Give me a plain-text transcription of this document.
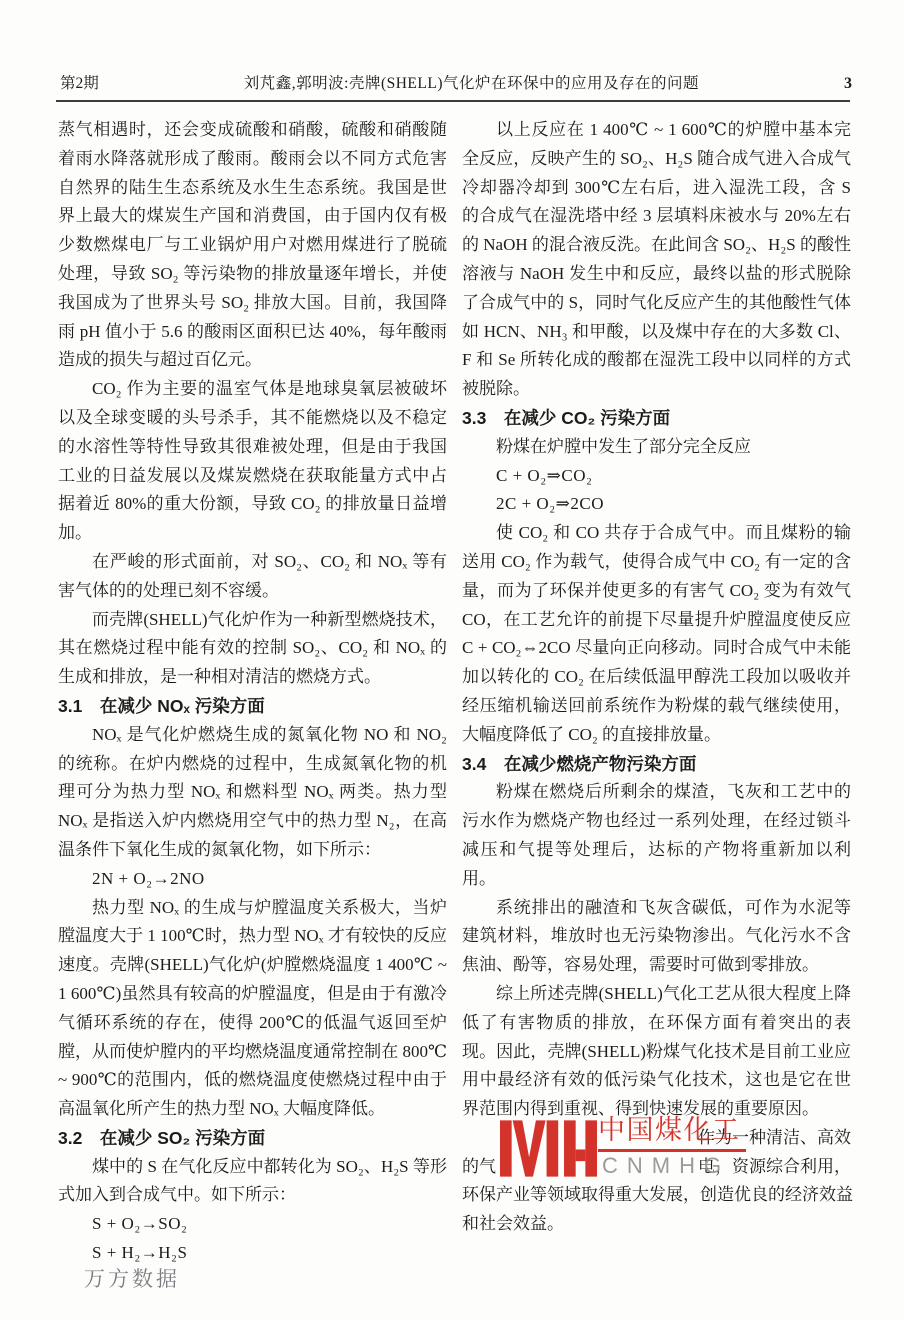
第2期	刘芃鑫,郭明波:壳牌(SHELL)气化炉在环保中的应用及存在的问题	3

蒸气相遇时，还会变成硫酸和硝酸，硫酸和硝酸随着雨水降落就形成了酸雨。酸雨会以不同方式危害自然界的陆生生态系统及水生生态系统。我国是世界上最大的煤炭生产国和消费国，由于国内仅有极少数燃煤电厂与工业锅炉用户对燃用煤进行了脱硫处理，导致 SO₂ 等污染物的排放量逐年增长，并使我国成为了世界头号 SO₂ 排放大国。目前，我国降雨 pH 值小于 5.6 的酸雨区面积已达 40%，每年酸雨造成的损失与超过百亿元。

CO₂ 作为主要的温室气体是地球臭氧层被破坏以及全球变暖的头号杀手，其不能燃烧以及不稳定的水溶性等特性导致其很难被处理，但是由于我国工业的日益发展以及煤炭燃烧在获取能量方式中占据着近 80%的重大份额，导致 CO₂ 的排放量日益增加。

在严峻的形式面前，对 SO₂、CO₂ 和 NOₓ 等有害气体的的处理已刻不容缓。

而壳牌(SHELL)气化炉作为一种新型燃烧技术，其在燃烧过程中能有效的控制 SO₂、CO₂ 和 NOₓ 的生成和排放，是一种相对清洁的燃烧方式。

3.1　在减少 NOₓ 污染方面

NOₓ 是气化炉燃烧生成的氮氧化物 NO 和 NO₂ 的统称。在炉内燃烧的过程中，生成氮氧化物的机理可分为热力型 NOₓ 和燃料型 NOₓ 两类。热力型 NOₓ 是指送入炉内燃烧用空气中的热力型 N₂，在高温条件下氧化生成的氮氧化物，如下所示：

2N + O₂→2NO

热力型 NOₓ 的生成与炉膛温度关系极大，当炉膛温度大于 1 100℃时，热力型 NOₓ 才有较快的反应速度。壳牌(SHELL)气化炉(炉膛燃烧温度 1 400℃ ~ 1 600℃)虽然具有较高的炉膛温度，但是由于有激冷气循环系统的存在，使得 200℃的低温气返回至炉膛，从而使炉膛内的平均燃烧温度通常控制在 800℃ ~ 900℃的范围内，低的燃烧温度使燃烧过程中由于高温氧化所产生的热力型 NOₓ 大幅度降低。

3.2　在减少 SO₂ 污染方面

煤中的 S 在气化反应中都转化为 SO₂、H₂S 等形式加入到合成气中。如下所示：

S + O₂→SO₂
S + H₂→H₂S

以上反应在 1 400℃ ~ 1 600℃的炉膛中基本完全反应，反映产生的 SO₂、H₂S 随合成气进入合成气冷却器冷却到 300℃左右后，进入湿洗工段，含 S 的合成气在湿洗塔中经 3 层填料床被水与 20%左右的 NaOH 的混合液反洗。在此间含 SO₂、H₂S 的酸性溶液与 NaOH 发生中和反应，最终以盐的形式脱除了合成气中的 S，同时气化反应产生的其他酸性气体如 HCN、NH₃ 和甲酸，以及煤中存在的大多数 Cl、F 和 Se 所转化成的酸都在湿洗工段中以同样的方式被脱除。

3.3　在减少 CO₂ 污染方面

粉煤在炉膛中发生了部分完全反应

C + O₂⇒CO₂
2C + O₂⇒2CO

使 CO₂ 和 CO 共存于合成气中。而且煤粉的输送用 CO₂ 作为载气，使得合成气中 CO₂ 有一定的含量，而为了环保并使更多的有害气 CO₂ 变为有效气 CO，在工艺允许的前提下尽量提升炉膛温度使反应 C + CO₂⇔2CO 尽量向正向移动。同时合成气中未能加以转化的 CO₂ 在后续低温甲醇洗工段加以吸收并经压缩机输送回前系统作为粉煤的载气继续使用，大幅度降低了 CO₂ 的直接排放量。

3.4　在减少燃烧产物污染方面

粉煤在燃烧后所剩余的煤渣，飞灰和工艺中的污水作为燃烧产物也经过一系列处理，在经过锁斗减压和气提等处理后，达标的产物将重新加以利用。

系统排出的融渣和飞灰含碳低，可作为水泥等建筑材料，堆放时也无污染物渗出。气化污水不含焦油、酚等，容易处理，需要时可做到零排放。

综上所述壳牌(SHELL)气化工艺从很大程度上降低了有害物质的排放，在环保方面有着突出的表现。因此，壳牌(SHELL)粉煤气化技术是目前工业应用中最经济有效的低污染气化技术，这也是它在世界范围内得到重视、得到快速发展的重要原因。

作为一种清洁、高效
的气	电，资源综合利用，
环保产业等领域取得重大发展，创造优良的经济效益
和社会效益。
中国煤化工
CNMHG
万方数据
